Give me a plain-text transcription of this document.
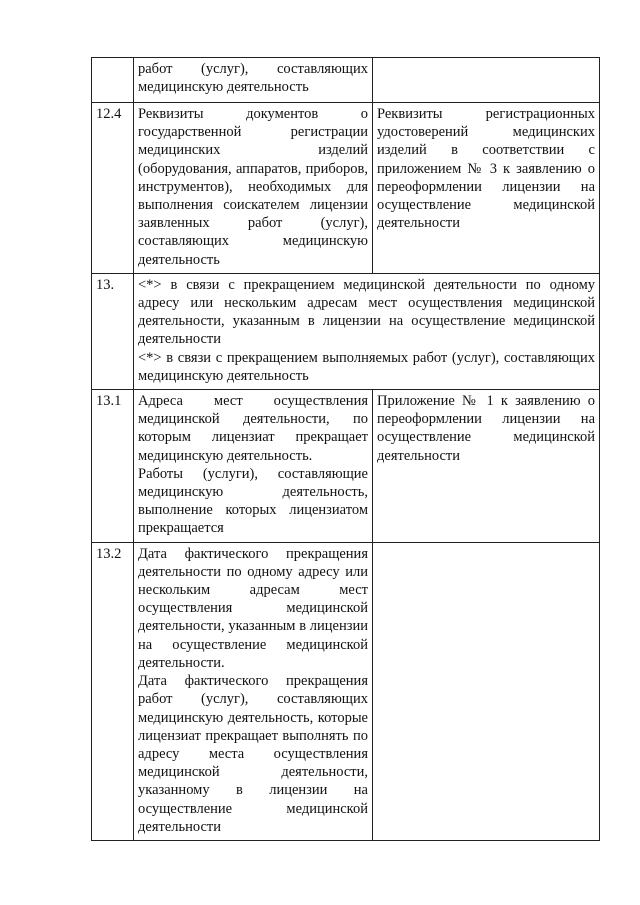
	работ (услуг), составляющих медицинскую деятельность	
12.4	Реквизиты документов о государственной регистрации медицинских изделий (оборудования, аппаратов, приборов, инструментов), необходимых для выполнения соискателем лицензии заявленных работ (услуг), составляющих медицинскую деятельность	Реквизиты регистрационных удостоверений медицинских изделий в соответствии с приложением № 3 к заявлению о переоформлении лицензии на осуществление медицинской деятельности
13.	<*> в связи с прекращением медицинской деятельности по одному адресу или нескольким адресам мест осуществления медицинской деятельности, указанным в лицензии на осуществление медицинской деятельности

<*> в связи с прекращением выполняемых работ (услуг), составляющих медицинскую деятельность	

13.1	Адреса мест осуществления медицинской деятельности, по которым лицензиат прекращает медицинскую деятельность.

Работы (услуги), составляющие медицинскую деятельность, выполнение которых лицензиатом прекращается	Приложение № 1 к заявлению о переоформлении лицензии на осуществление медицинской деятельности
13.2	Дата фактического прекращения деятельности по одному адресу или нескольким адресам мест осуществления медицинской деятельности, указанным в лицензии на осуществление медицинской деятельности.

Дата фактического прекращения работ (услуг), составляющих медицинскую деятельность, которые лицензиат прекращает выполнять по адресу места осуществления медицинской деятельности, указанному в лицензии на осуществление медицинской деятельности	
